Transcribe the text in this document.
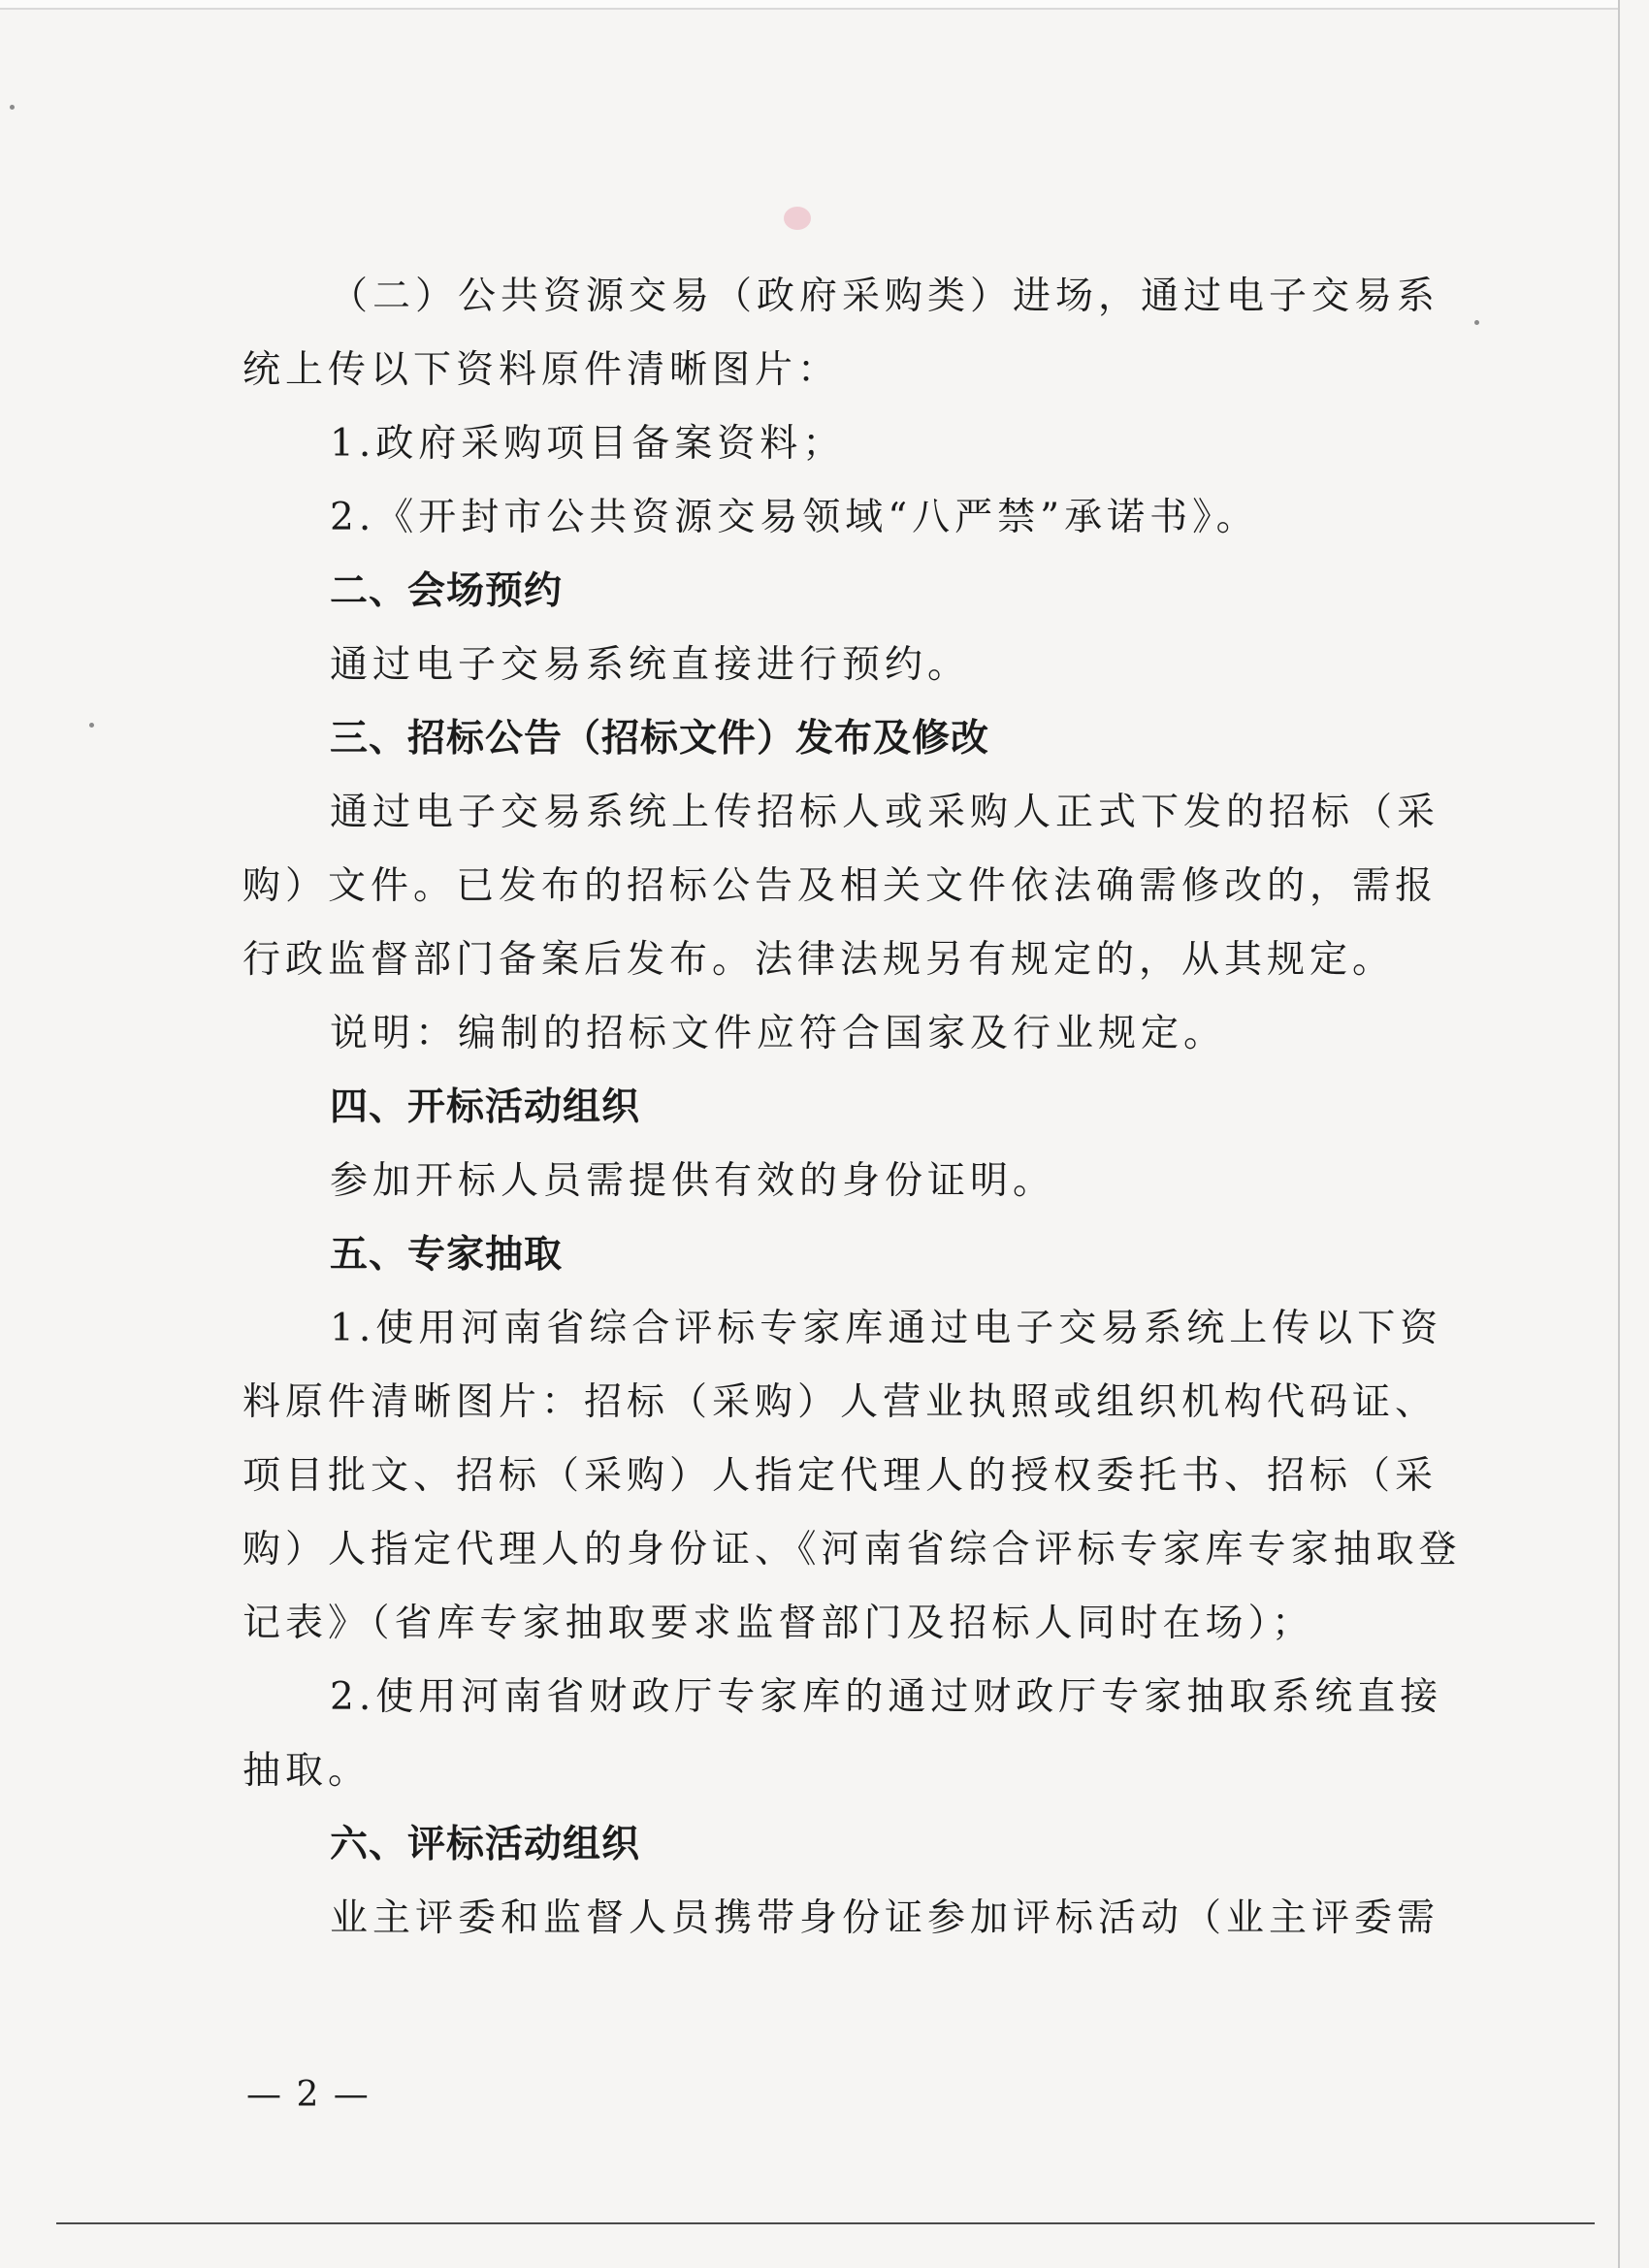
（二）公共资源交易（政府采购类）进场，通过电子交易系
统上传以下资料原件清晰图片：
1.政府采购项目备案资料；
2.《开封市公共资源交易领域“八严禁”承诺书》。
二、会场预约
通过电子交易系统直接进行预约。
三、招标公告（招标文件）发布及修改
通过电子交易系统上传招标人或采购人正式下发的招标（采
购）文件。已发布的招标公告及相关文件依法确需修改的，需报
行政监督部门备案后发布。法律法规另有规定的，从其规定。
说明：编制的招标文件应符合国家及行业规定。
四、开标活动组织
参加开标人员需提供有效的身份证明。
五、专家抽取
1.使用河南省综合评标专家库通过电子交易系统上传以下资
料原件清晰图片：招标（采购）人营业执照或组织机构代码证、
项目批文、招标（采购）人指定代理人的授权委托书、招标（采
购）人指定代理人的身份证、《河南省综合评标专家库专家抽取登
记表》（省库专家抽取要求监督部门及招标人同时在场）；
2.使用河南省财政厅专家库的通过财政厅专家抽取系统直接
抽取。
六、评标活动组织
业主评委和监督人员携带身份证参加评标活动（业主评委需
— 2 —
